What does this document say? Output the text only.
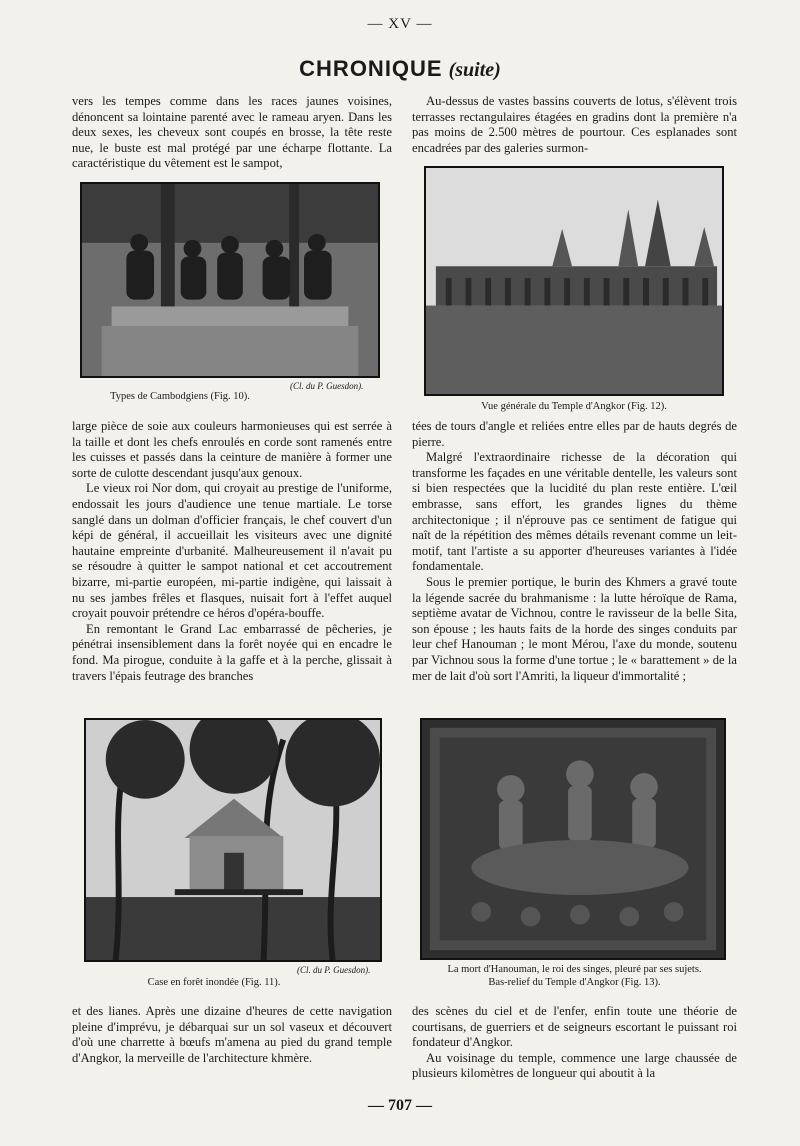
— XV —
CHRONIQUE (suite)

vers les tempes comme dans les races jaunes voisines, dénoncent sa lointaine parenté avec le rameau aryen. Dans les deux sexes, les cheveux sont coupés en brosse, la tête reste nue, le buste est mal protégé par une écharpe flottante. La caractéristique du vêtement est le sampot,

Au-dessus de vastes bassins couverts de lotus, s'élèvent trois terrasses rectangulaires étagées en gradins dont la première n'a pas moins de 2.500 mètres de pourtour. Ces esplanades sont encadrées par des galeries surmon-

(Cl. du P. Guesdon).
Types de Cambodgiens (Fig. 10).
Vue générale du Temple d'Angkor (Fig. 12).

large pièce de soie aux couleurs harmonieuses qui est serrée à la taille et dont les chefs enroulés en corde sont ramenés entre les cuisses et passés dans la ceinture de manière à former une sorte de culotte descendant jusqu'aux genoux.

Le vieux roi Nor dom, qui croyait au prestige de l'uniforme, endossait les jours d'audience une tenue martiale. Le torse sanglé dans un dolman d'officier français, le chef couvert d'un képi de général, il accueillait les visiteurs avec une dignité hautaine empreinte d'urbanité. Malheureusement il n'avait pu se résoudre à quitter le sampot national et cet accoutrement bizarre, mi-partie européen, mi-partie indigène, qui laissait à nu ses jambes frêles et flasques, nuisait fort à l'effet auquel croyait pouvoir prétendre ce héros d'opéra-bouffe.

En remontant le Grand Lac embarrassé de pêcheries, je pénétrai insensiblement dans la forêt noyée qui en encadre le fond. Ma pirogue, conduite à la gaffe et à la perche, glissait à travers l'épais feutrage des branches

tées de tours d'angle et reliées entre elles par de hauts degrés de pierre.

Malgré l'extraordinaire richesse de la décoration qui transforme les façades en une véritable dentelle, les valeurs sont si bien respectées que la lucidité du plan reste entière. L'œil embrasse, sans effort, les grandes lignes du thème architectonique ; il n'éprouve pas ce sentiment de fatigue qui naît de la répétition des mêmes détails revenant comme un leit-motif, tant l'artiste a su apporter d'heureuses variantes à l'idée fondamentale.

Sous le premier portique, le burin des Khmers a gravé toute la légende sacrée du brahmanisme : la lutte héroïque de Rama, septième avatar de Vichnou, contre le ravisseur de la belle Sita, son épouse ; les hauts faits de la horde des singes conduits par leur chef Hanouman ; le mont Mérou, l'axe du monde, soutenu par Vichnou sous la forme d'une tortue ; le « barattement » de la mer de lait d'où sort l'Amriti, la liqueur d'immortalité ;

(Cl. du P. Guesdon).
Case en forêt inondée (Fig. 11).
La mort d'Hanouman, le roi des singes, pleuré par ses sujets.
Bas-relief du Temple d'Angkor (Fig. 13).

et des lianes. Après une dizaine d'heures de cette navigation pleine d'imprévu, je débarquai sur un sol vaseux et découvert d'où une charrette à bœufs m'amena au pied du grand temple d'Angkor, la merveille de l'architecture khmère.

des scènes du ciel et de l'enfer, enfin toute une théorie de courtisans, de guerriers et de seigneurs escortant le puissant roi fondateur d'Angkor.

Au voisinage du temple, commence une large chaussée de plusieurs kilomètres de longueur qui aboutit à la

— 707 —
